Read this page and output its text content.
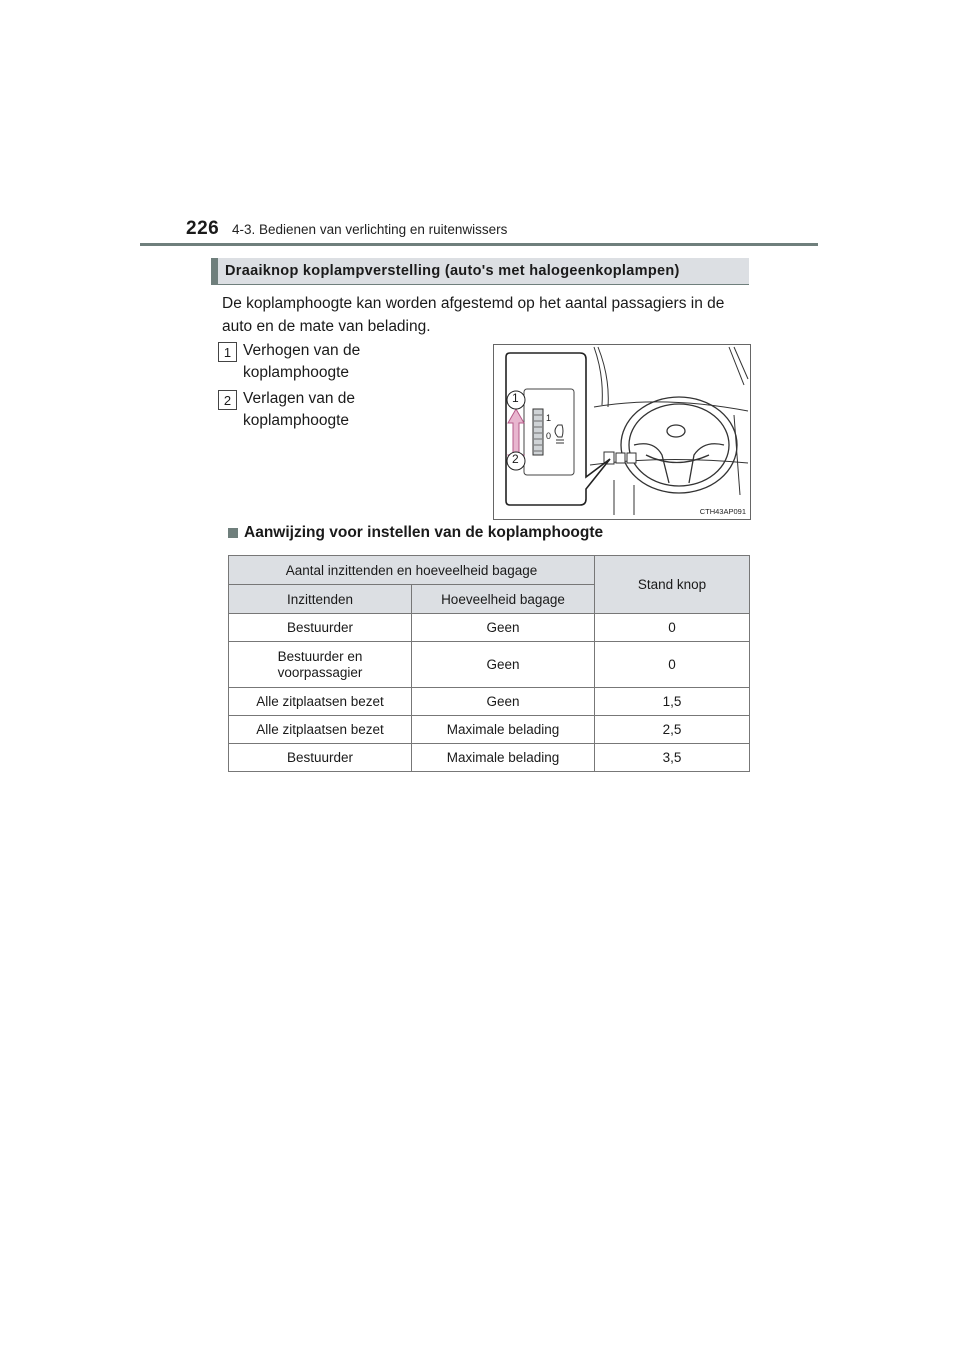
226 4-3. Bedienen van verlichting en ruitenwissers
Draaiknop koplampverstelling (auto's met halogeenkoplampen)
De koplamphoogte kan worden afgestemd op het aantal passagiers in de auto en de mate van belading.
1 Verhogen van de
koplamphoogte
2 Verlagen van de
koplamphoogte
1
2
1
0
CTH43AP091
Aanwijzing voor instellen van de koplamphoogte
Aantal inzittenden en hoeveelheid bagage		Stand knop
Inzittenden	Hoeveelheid bagage	
Bestuurder	Geen	0
Bestuurder en
voorpassagier	Geen	0
Alle zitplaatsen bezet	Geen	1,5
Alle zitplaatsen bezet	Maximale belading	2,5
Bestuurder	Maximale belading	3,5
